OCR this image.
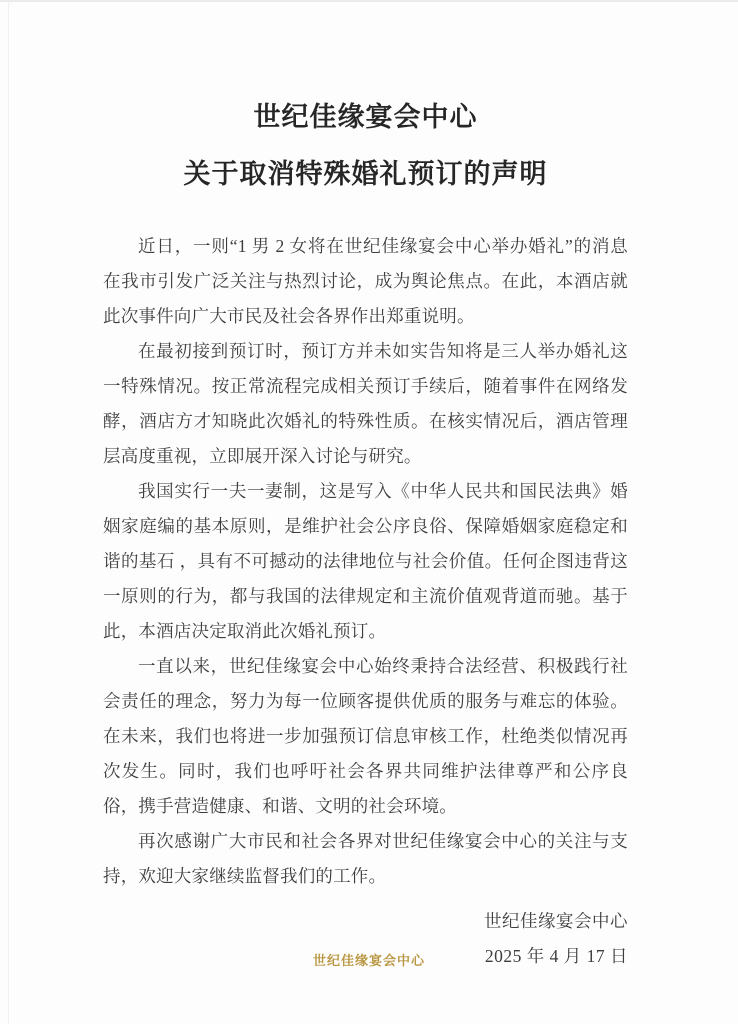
世纪佳缘宴会中心
关于取消特殊婚礼预订的声明

近日，一则“1 男 2 女将在世纪佳缘宴会中心举办婚礼”的消息在我市引发广泛关注与热烈讨论，成为舆论焦点。在此，本酒店就此次事件向广大市民及社会各界作出郑重说明。

在最初接到预订时，预订方并未如实告知将是三人举办婚礼这一特殊情况。按正常流程完成相关预订手续后，随着事件在网络发酵，酒店方才知晓此次婚礼的特殊性质。在核实情况后，酒店管理层高度重视，立即展开深入讨论与研究。

我国实行一夫一妻制，这是写入《中华人民共和国民法典》婚姻家庭编的基本原则，是维护社会公序良俗、保障婚姻家庭稳定和谐的基石 ，具有不可撼动的法律地位与社会价值。任何企图违背这一原则的行为，都与我国的法律规定和主流价值观背道而驰。基于此，本酒店决定取消此次婚礼预订。

一直以来，世纪佳缘宴会中心始终秉持合法经营、积极践行社会责任的理念，努力为每一位顾客提供优质的服务与难忘的体验。在未来，我们也将进一步加强预订信息审核工作，杜绝类似情况再次发生。同时，我们也呼吁社会各界共同维护法律尊严和公序良俗，携手营造健康、和谐、文明的社会环境。

再次感谢广大市民和社会各界对世纪佳缘宴会中心的关注与支持，欢迎大家继续监督我们的工作。

世纪佳缘宴会中心
2025 年 4 月 17 日
世纪佳缘宴会中心
